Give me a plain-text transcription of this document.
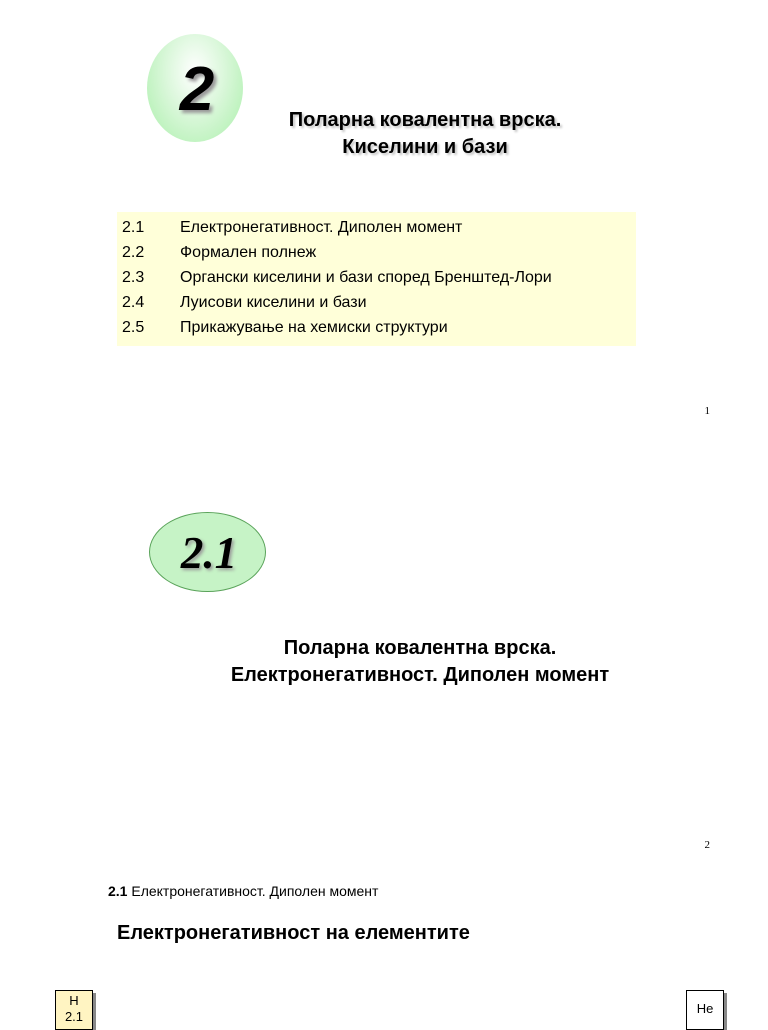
2	Поларна ковалентна врска.
Киселини и бази
2.1 Електронегативност. Диполен момент
2.2 Формален полнеж
2.3 Органски киселини и бази според Бренштед-Лори
2.4 Луисови киселини и бази
2.5 Прикажување на хемиски структури
1
2.1
Поларна ковалентна врска.
Електронегативност. Диполен момент
2
2.1 Електронегативност. Диполен момент
Електронегативност на елементите
H
2.1
He
